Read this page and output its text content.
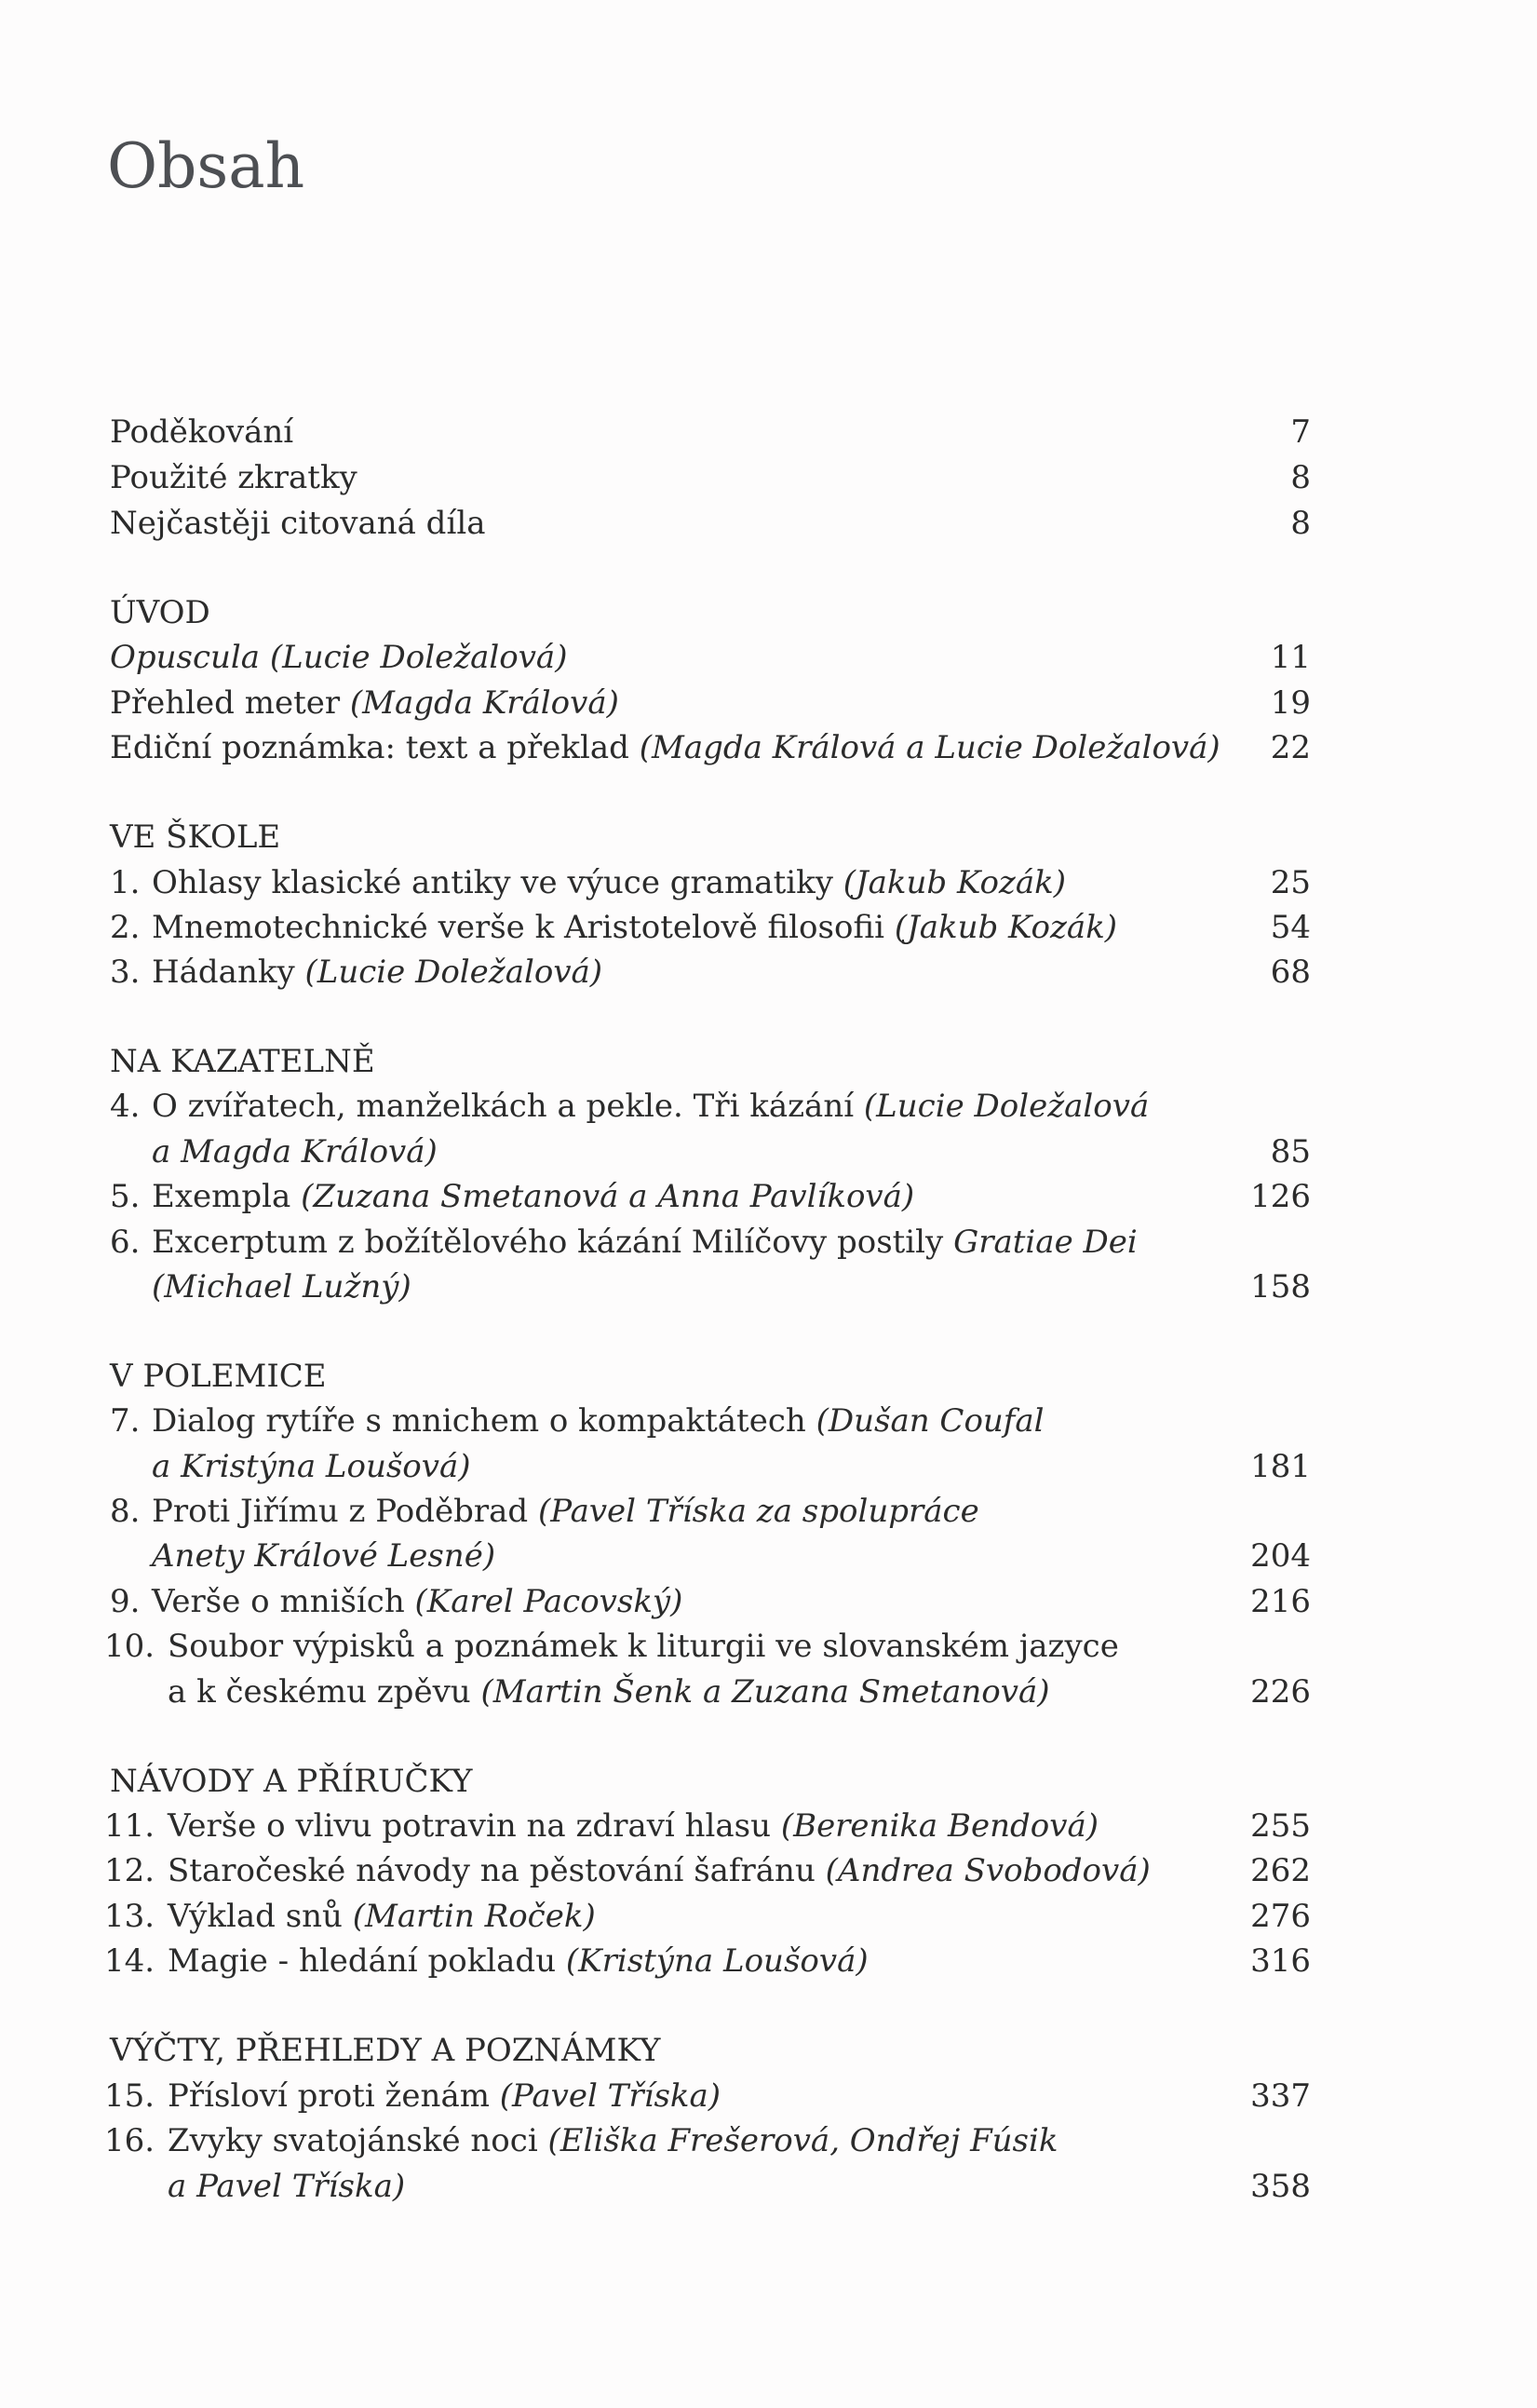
Obsah
Poděkování	7
Použité zkratky	8
Nejčastěji citovaná díla	8
ÚVOD
Opuscula (Lucie Doležalová)	11
Přehled meter (Magda Králová)	19
Ediční poznámka: text a překlad (Magda Králová a Lucie Doležalová) 22
VE ŠKOLE
1. Ohlasy klasické antiky ve výuce gramatiky (Jakub Kozák)	25
2. Mnemotechnické verše k Aristotelově filosofii (Jakub Kozák)	54
3. Hádanky (Lucie Doležalová)	68
NA KAZATELNĚ
4. O zvířatech, manželkách a pekle. Tři kázání (Lucie Doležalová
a Magda Králová)	85
5. Exempla (Zuzana Smetanová a Anna Pavlíková)	126
6. Excerptum z božítělového kázání Milíčovy postily Gratiae Dei
(Michael Lužný)	158
V POLEMICE
7. Dialog rytíře s mnichem o kompaktátech (Dušan Coufal
a Kristýna Loušová)	181
8. Proti Jiřímu z Poděbrad (Pavel Tříska za spolupráce
Anety Králové Lesné)	204
9. Verše o mniších (Karel Pacovský)	216
10. Soubor výpisků a poznámek k liturgii ve slovanském jazyce
a k českému zpěvu (Martin Šenk a Zuzana Smetanová)	226
NÁVODY A PŘÍRUČKY
11. Verše o vlivu potravin na zdraví hlasu (Berenika Bendová)	255
12. Staročeské návody na pěstování šafránu (Andrea Svobodová)	262
13. Výklad snů (Martin Roček)	276
14. Magie - hledání pokladu (Kristýna Loušová)	316
VÝČTY, PŘEHLEDY A POZNÁMKY
15. Přísloví proti ženám (Pavel Tříska)	337
16. Zvyky svatojánské noci (Eliška Frešerová, Ondřej Fúsik
a Pavel Tříska)	358
